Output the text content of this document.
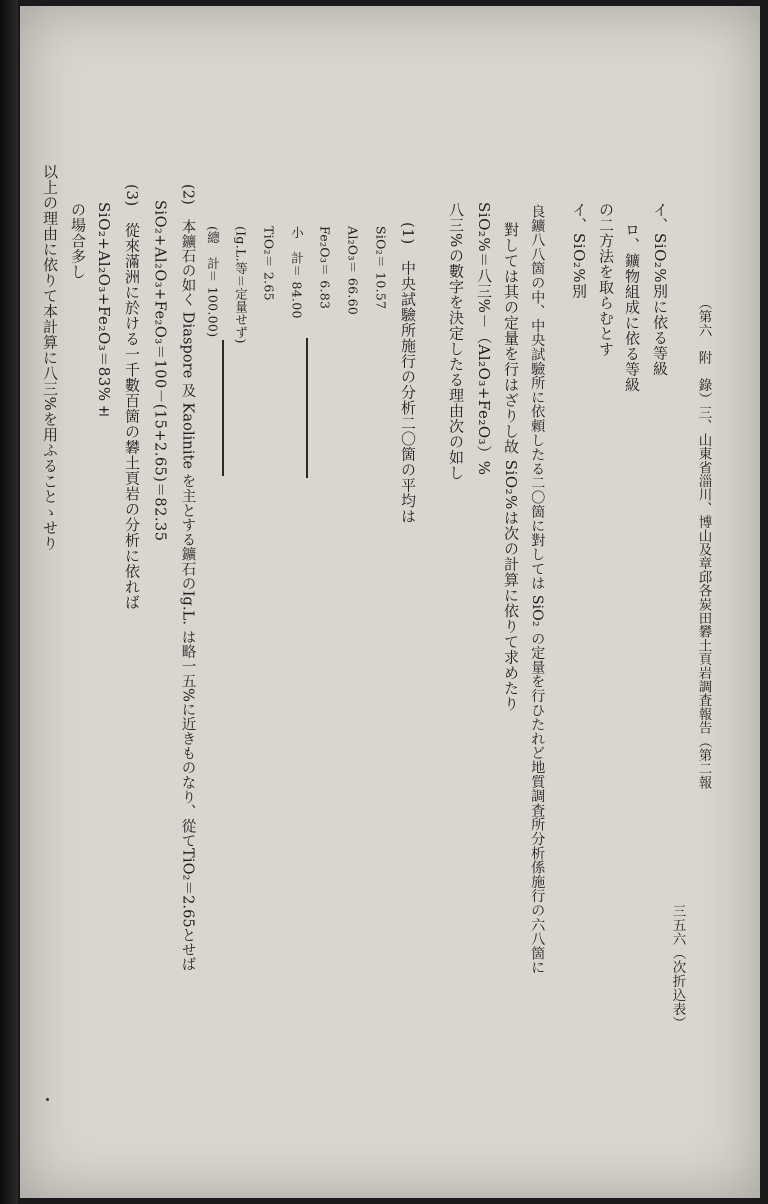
（第六　附　錄）三、山東省淄川、博山及章邱各炭田礬土頁岩調査報告（第二報
三五六（次折込表）
イ、SiO₂%別に依る等級
ロ、鑛物組成に依る等級
の二方法を取らむとす
イ、SiO₂%別
良鑛八八箇の中、中央試驗所に依頼したる二〇箇に對しては SiO₂ の定量を行ひたれど地質調査所分析係施行の六八箇に
對しては其の定量を行はざりし故 SiO₂%は次の計算に依りて求めたり
SiO₂%＝八三%－（Al₂O₃+Fe₂O₃）%
八三%の數字を決定したる理由次の如し
(1)　中央試驗所施行の分析二〇箇の平均は
SiO₂＝ 10.57
Al₂O₃＝ 66.60
Fe₂O₃＝ 6.83
小　計＝ 84.00
TiO₂＝ 2.65
(Ig.L.等＝定量せず)
(總　計＝ 100.00)
(2)　本鑛石の如く Diaspore 及 Kaolinite を主とする鑛石のIg.L. は略一五%に近きものなり、從てTiO₂＝2.65とせば
SiO₂+Al₂O₃+Fe₂O₃＝100－(15+2.65)＝82.35
(3)　從來滿洲に於ける一千數百箇の礬土頁岩の分析に依れば
SiO₂+Al₂O₃+Fe₂O₃＝83%±
の場合多し
以上の理由に依りて本計算に八三%を用ふることゝせり
